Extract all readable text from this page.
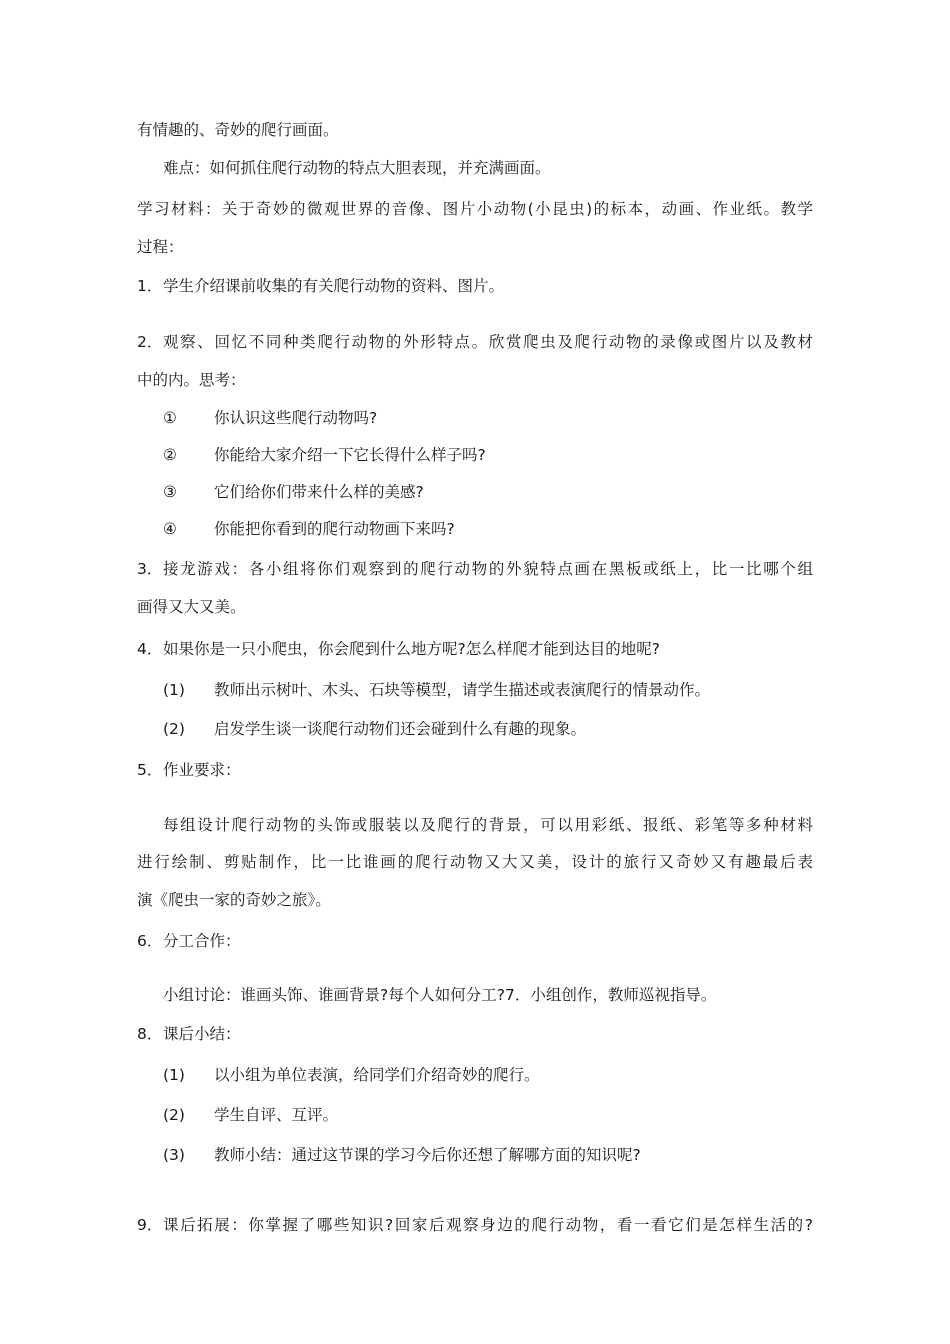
有情趣的、奇妙的爬行画面。
难点：如何抓住爬行动物的特点大胆表现，并充满画面。
学习材料：关于奇妙的微观世界的音像、图片小动物(小昆虫)的标本，动画、作业纸。教学
过程：
1． 学生介绍课前收集的有关爬行动物的资料、图片。
2． 观察、回忆不同种类爬行动物的外形特点。欣赏爬虫及爬行动物的录像或图片以及教材
中的内。思考：
①	你认识这些爬行动物吗?
②	你能给大家介绍一下它长得什么样子吗?
③	它们给你们带来什么样的美感?
④	你能把你看到的爬行动物画下来吗?
3． 接龙游戏：各小组将你们观察到的爬行动物的外貌特点画在黑板或纸上，比一比哪个组
画得又大又美。
4． 如果你是一只小爬虫，你会爬到什么地方呢?怎么样爬才能到达目的地呢?
(1)	教师出示树叶、木头、石块等模型，请学生描述或表演爬行的情景动作。
(2)	启发学生谈一谈爬行动物们还会碰到什么有趣的现象。
5． 作业要求：
每组设计爬行动物的头饰或服装以及爬行的背景，可以用彩纸、报纸、彩笔等多种材料
进行绘制、剪贴制作，比一比谁画的爬行动物又大又美，设计的旅行又奇妙又有趣最后表
演《爬虫一家的奇妙之旅》。
6． 分工合作：
小组讨论：谁画头饰、谁画背景?每个人如何分工?7．小组创作，教师巡视指导。
8． 课后小结：
(1)	以小组为单位表演，给同学们介绍奇妙的爬行。
(2)	学生自评、互评。
(3)	教师小结：通过这节课的学习今后你还想了解哪方面的知识呢?
9． 课后拓展：你掌握了哪些知识?回家后观察身边的爬行动物，看一看它们是怎样生活的?
